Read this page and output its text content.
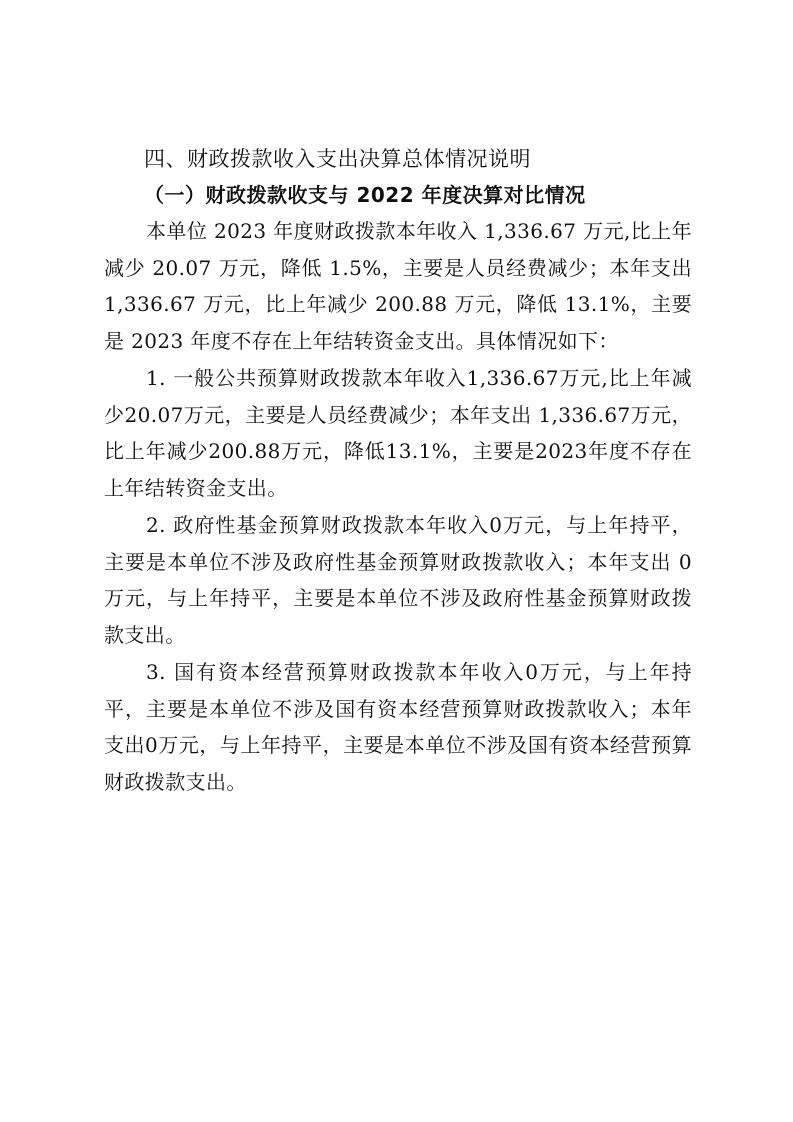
四、财政拨款收入支出决算总体情况说明
（一）财政拨款收支与 2022 年度决算对比情况

本单位 2023 年度财政拨款本年收入 1,336.67 万元,比上年减少 20.07 万元，降低 1.5%，主要是人员经费减少；本年支出 1,336.67 万元，比上年减少 200.88 万元，降低 13.1%，主要是 2023 年度不存在上年结转资金支出。具体情况如下：

1. 一般公共预算财政拨款本年收入1,336.67万元,比上年减少20.07万元，主要是人员经费减少；本年支出 1,336.67万元，比上年减少200.88万元，降低13.1%，主要是2023年度不存在上年结转资金支出。

2. 政府性基金预算财政拨款本年收入0万元，与上年持平，主要是本单位不涉及政府性基金预算财政拨款收入；本年支出 0 万元，与上年持平，主要是本单位不涉及政府性基金预算财政拨款支出。

3. 国有资本经营预算财政拨款本年收入0万元，与上年持平，主要是本单位不涉及国有资本经营预算财政拨款收入；本年支出0万元，与上年持平，主要是本单位不涉及国有资本经营预算财政拨款支出。
